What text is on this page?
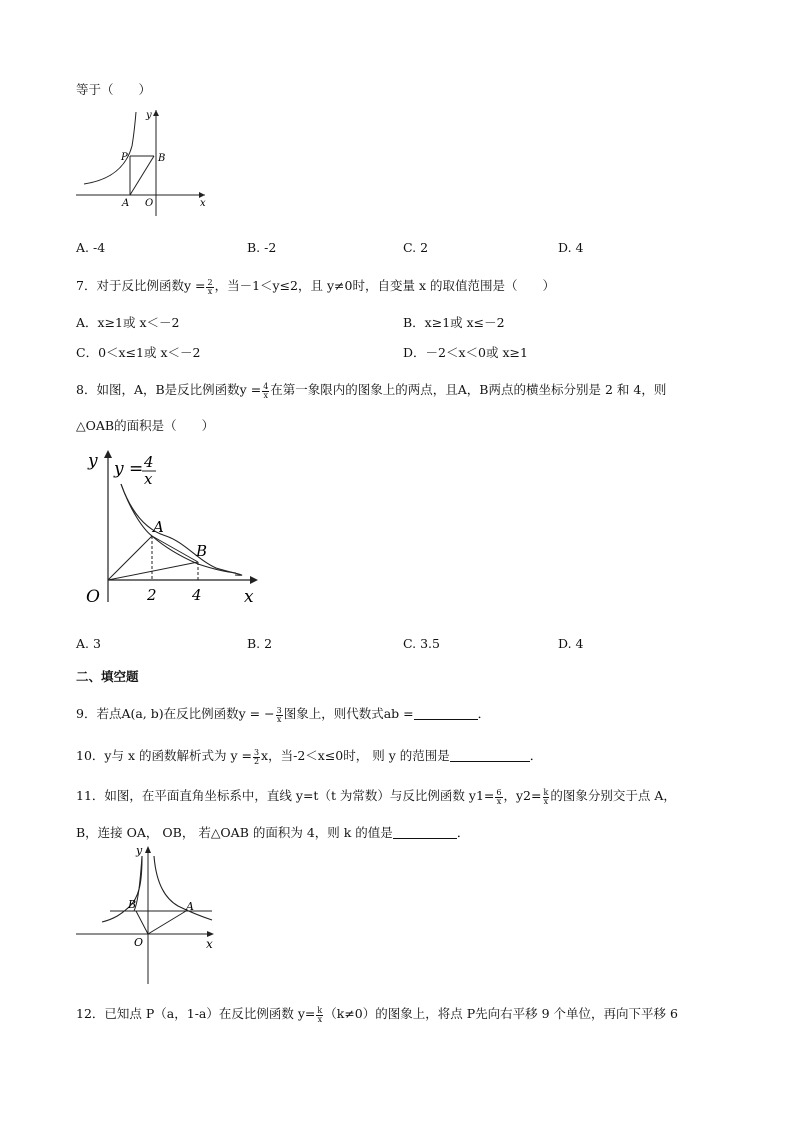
等于（　　）
y
x
P	B
A O
A. -4	B. -2	C. 2	D. 4
7．对于反比例函数$y = \frac{2}{x}$ ，当－1＜y≤2，且 y≠0时，自变量 x 的取值范围是（　　）
A．x≥1或 x＜－2	B．x≥1或 x≤－2
C．0＜x≤1或 x＜－2	D．－2＜x＜0或 x≥1
8．如图，A，B是反比例函数$y = \frac{4}{x}$ 在第一象限内的图象上的两点，且A，B两点的横坐标分别是 2 和 4，则
△OAB的面积是（　　）
y y = 4
x
A
B
O	2 4 x
A. 3	B. 2	C. 3.5	D. 4
二、填空题
9．若点A(a, b)在反比例函数y = − $\frac{3}{x}$ 图象上，则代数式ab =	．
10．y与 x 的函数解析式为 $y = \frac{3}{2}$ x，当-2＜x≤0时， 则 y 的范围是	．
11．如图，在平面直角坐标系中，直线 y=t（t 为常数）与反比例函数 $y1= \frac{6}{x}$ ，$y2= \frac{k}{x}$ 的图象分别交于点 A，
B，连接 OA， OB， 若△OAB 的面积为 4，则 k 的值是	．
y
x
B	A
O
12．已知点 P（a，1-a）在反比例函数 $y= \frac{k}{x} (k\ne 0)$的图象上，将点 P先向右平移 9 个单位，再向下平移 6
